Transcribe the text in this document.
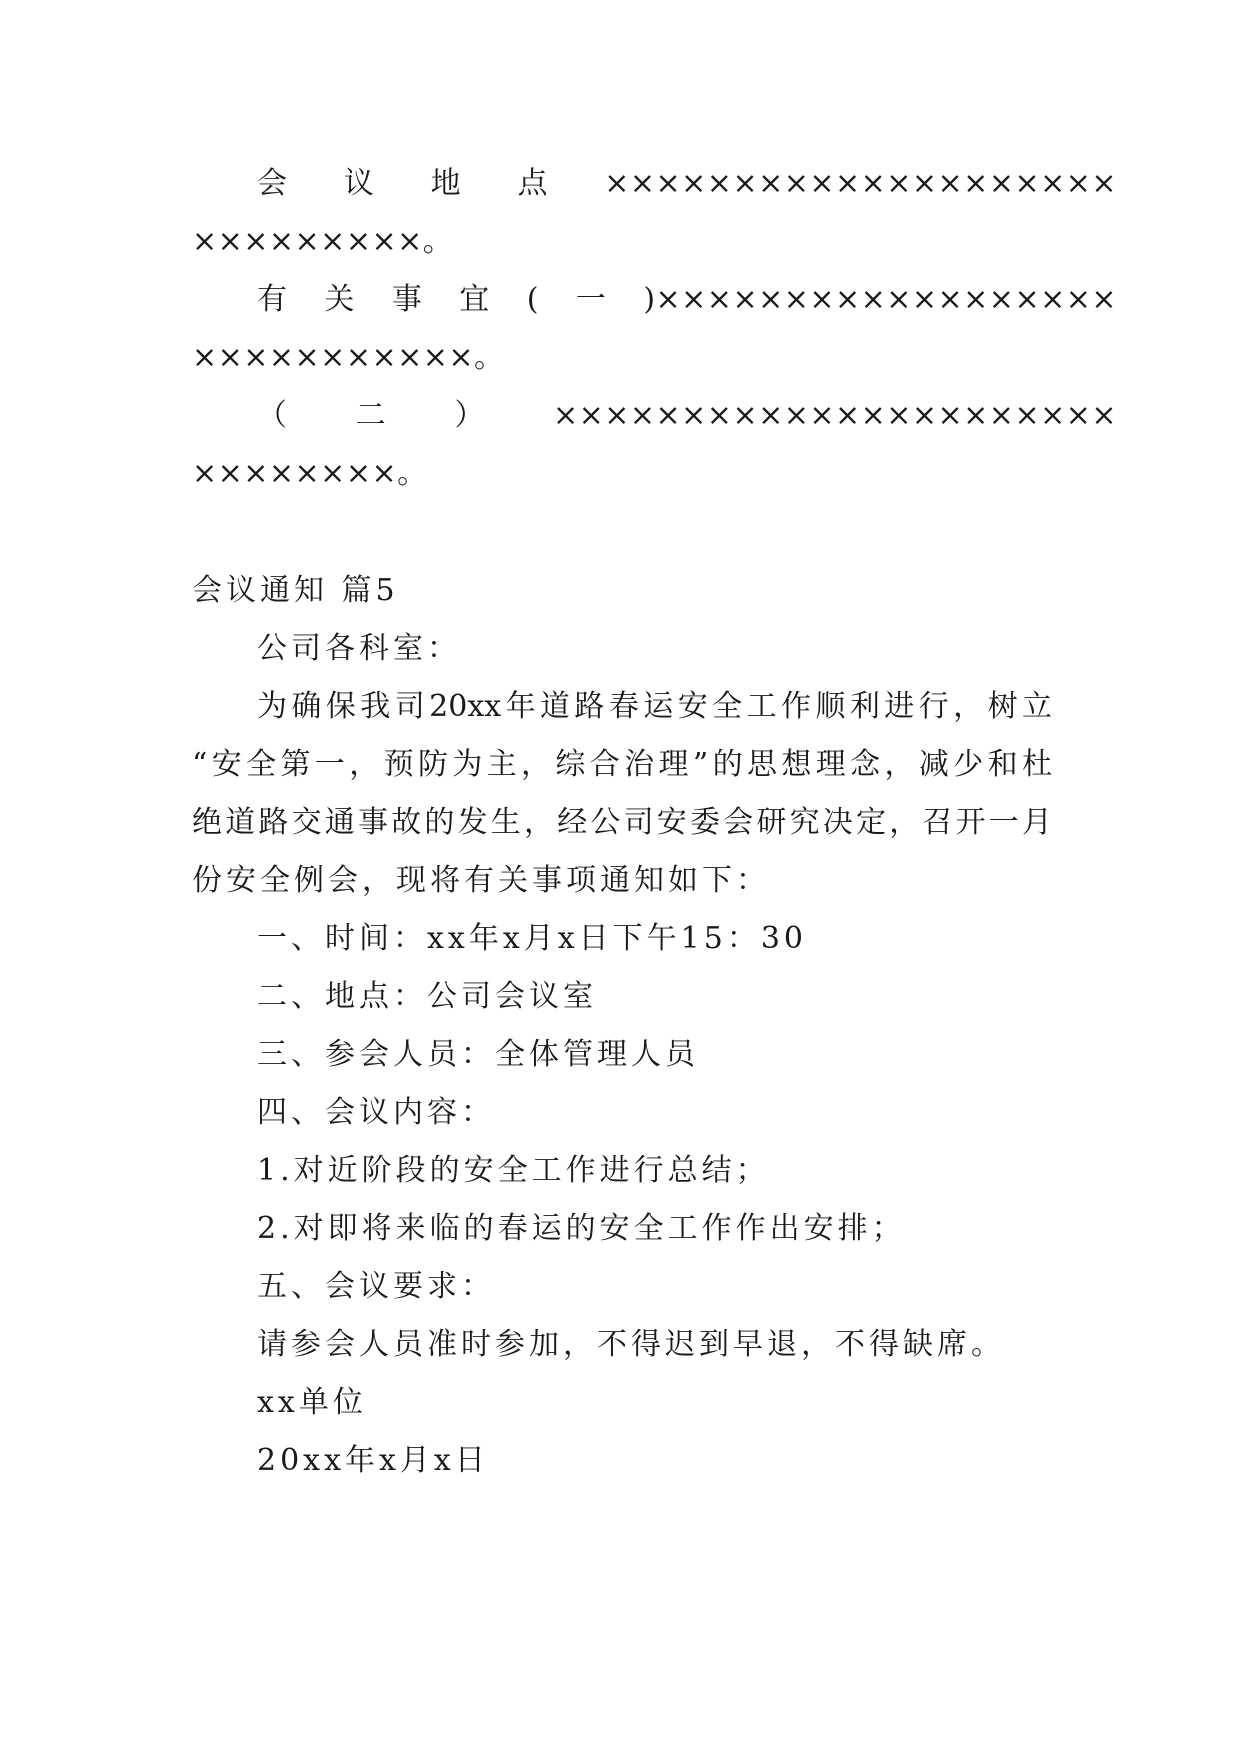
会议地点××××××××××××××××××××
×××××××××。
有关事宜(一)××××××××××××××××××
×××××××××××。
（二）××××××××××××××××××××××
××××××××。
会议通知 篇5
公司各科室：
为确保我司20xx年道路春运安全工作顺利进行，树立
“安全第一，预防为主，综合治理”的思想理念，减少和杜
绝道路交通事故的发生，经公司安委会研究决定，召开一月
份安全例会，现将有关事项通知如下：
一、时间：xx年x月x日下午15：30
二、地点：公司会议室
三、参会人员：全体管理人员
四、会议内容：
1.对近阶段的安全工作进行总结；
2.对即将来临的春运的安全工作作出安排；
五、会议要求：
请参会人员准时参加，不得迟到早退，不得缺席。
xx单位
20xx年x月x日
